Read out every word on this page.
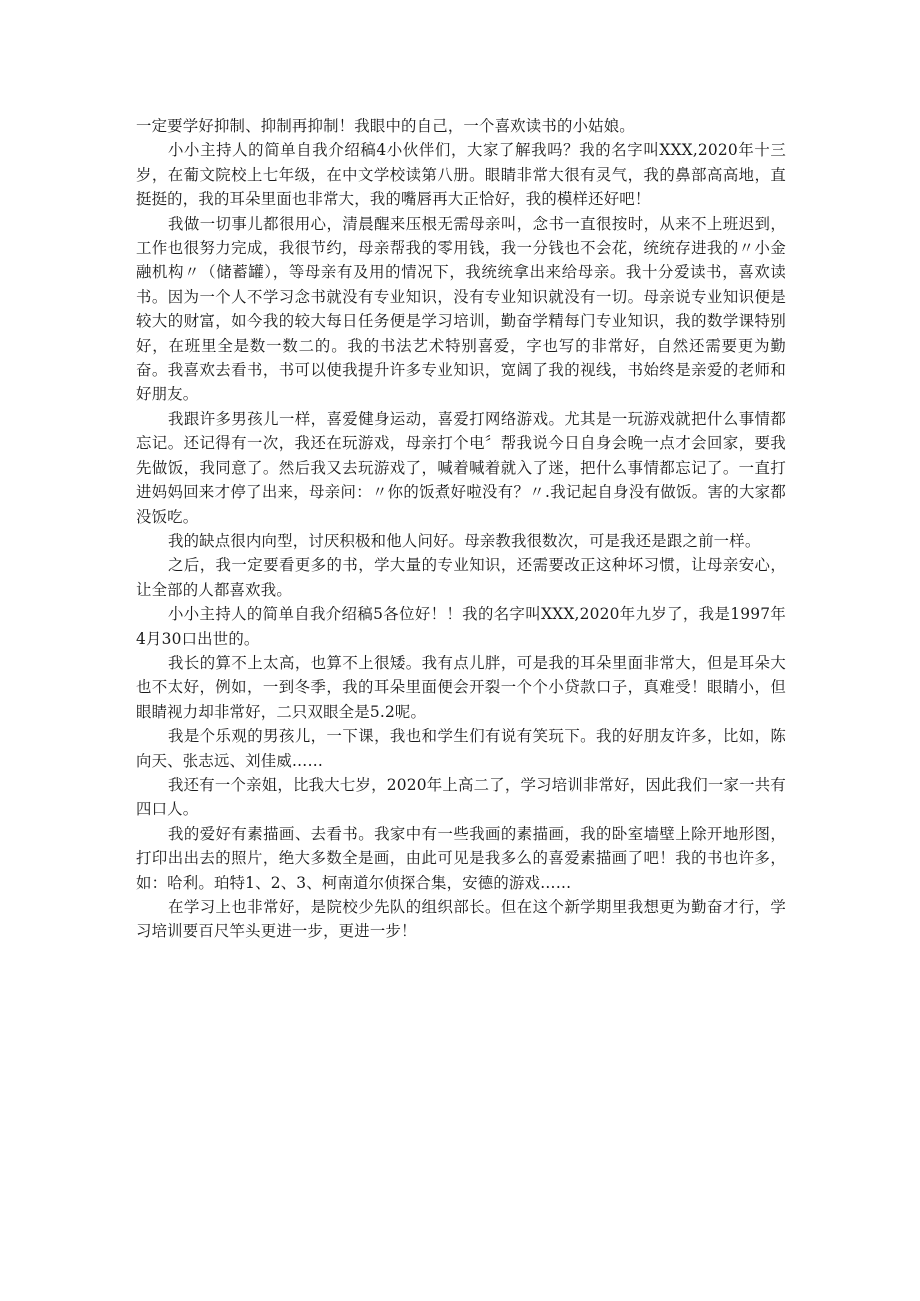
一定要学好抑制、抑制再抑制！我眼中的自己，一个喜欢读书的小姑娘。

小小主持人的简单自我介绍稿4小伙伴们，大家了解我吗？我的名字叫XXX,2020年十三岁，在葡文院校上七年级，在中文学校读第八册。眼睛非常大很有灵气，我的鼻部高高地，直挺挺的，我的耳朵里面也非常大，我的嘴唇再大正恰好，我的模样还好吧！

我做一切事儿都很用心，清晨醒来压根无需母亲叫，念书一直很按时，从来不上班迟到，工作也很努力完成，我很节约，母亲帮我的零用钱，我一分钱也不会花，统统存进我的〃小金融机构〃（储蓄罐），等母亲有及用的情况下，我统统拿出来给母亲。我十分爱读书，喜欢读书。因为一个人不学习念书就没有专业知识，没有专业知识就没有一切。母亲说专业知识便是较大的财富，如今我的较大每日任务便是学习培训，勤奋学精每门专业知识，我的数学课特别好，在班里全是数一数二的。我的书法艺术特别喜爱，字也写的非常好，自然还需要更为勤奋。我喜欢去看书，书可以使我提升许多专业知识，宽阔了我的视线，书始终是亲爱的老师和好朋友。

我跟许多男孩儿一样，喜爱健身运动，喜爱打网络游戏。尤其是一玩游戏就把什么事情都忘记。还记得有一次，我还在玩游戏，母亲打个电〞帮我说今日自身会晚一点才会回家，要我先做饭，我同意了。然后我又去玩游戏了，喊着喊着就入了迷，把什么事情都忘记了。一直打进妈妈回来才停了出来，母亲问：〃你的饭煮好啦没有？〃.我记起自身没有做饭。害的大家都没饭吃。

我的缺点很内向型，讨厌积极和他人问好。母亲教我很数次，可是我还是跟之前一样。

之后，我一定要看更多的书，学大量的专业知识，还需要改正这种坏习惯，让母亲安心，让全部的人都喜欢我。

小小主持人的简单自我介绍稿5各位好！！我的名字叫XXX,2020年九岁了，我是1997年4月30口出世的。

我长的算不上太高，也算不上很矮。我有点儿胖，可是我的耳朵里面非常大，但是耳朵大也不太好，例如，一到冬季，我的耳朵里面便会开裂一个个小贷款口子，真难受！眼睛小，但眼睛视力却非常好，二只双眼全是5.2呢。

我是个乐观的男孩儿，一下课，我也和学生们有说有笑玩下。我的好朋友许多，比如，陈向天、张志远、刘佳威……

我还有一个亲姐，比我大七岁，2020年上高二了，学习培训非常好，因此我们一家一共有四口人。

我的爱好有素描画、去看书。我家中有一些我画的素描画，我的卧室墙壁上除开地形图，打印出出去的照片，绝大多数全是画，由此可见是我多么的喜爱素描画了吧！我的书也许多，如：哈利。珀特1、2、3、柯南道尔侦探合集，安德的游戏……

在学习上也非常好，是院校少先队的组织部长。但在这个新学期里我想更为勤奋才行，学习培训要百尺竿头更进一步，更进一步！
